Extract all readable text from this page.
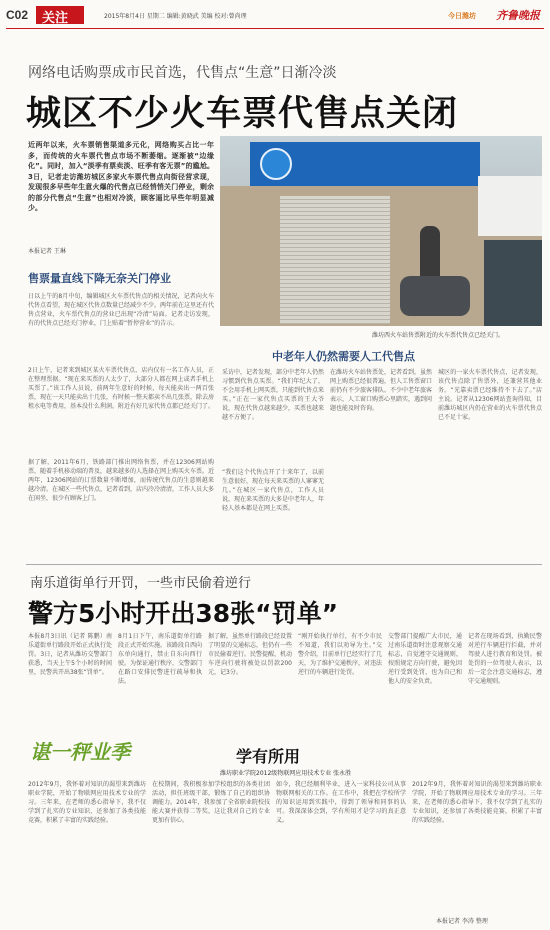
C02 关注	2015年8月4日 星期二 编辑:黄晓武 美编 校对:曾尚理	今日潍坊 齐鲁晚报
网络电话购票成市民首选，代售点“生意”日渐冷淡
城区不少火车票代售点关闭
近两年以来，火车票销售渠道多元化，网络购买占比一年多，而传统的火车票代售点市场不断萎缩。逐渐被“边缘化”。同时，加入“淡季有票卖淡、旺季有客无票”的尴尬。3日，记者走访潍坊城区多家火车票代售点向街径营求现，发现很多早些年生意火爆的代售点已经悄悄关门停业，剩余的部分代售点“生意”也相对冷淡，顾客逼比早些年明显减少。
本报记者 王琳
潍坊西火车站售票附近的火车票代售点已经关门。
售票量直线下降无奈关门停业
日以上午的8月中旬，编辑城区火车票代售点的相关情况，记者向火车代售点看望，现在城区代售点数量已经减少不少。两年前在这里还有代售点营业，火车票代售点的营业已出现“冷清”局面。记者走访发现，有的代售点已经关门停业，门上贴着“暂停营业”的告示。
2日上午，记者来到城区某火车票代售点，店内仅有一名工作人员，正在整理票据。“现在来买票的人太少了，大部分人都在网上或者手机上买票了。”该工作人员说，前两年生意好的时候，每天能卖出一两百张票，现在一天只能卖出十几张，有时候一整天都卖不出几张票，除去房租水电等费用，基本没什么利润。附近有好几家代售点都已经关门了。
据了解，2011年6月，铁路部门推出网络售票，并在12306网站购票，随着手机移动端的普及，越来越多的人选择在网上购买火车票。近两年，12306网站的订票数量不断增加，而传统代售点的生意则越来越冷清。在城区一些代售点，记者看到，店内冷冷清清，工作人员大多在闲坐，很少有顾客上门。
中老年人仍然需要人工代售点
采访中，记者发现，部分中老年人仍然习惯到代售点买票。“我们年纪大了，不会用手机上网买票，只能到代售点来买。”正在一家代售点买票的王大爷说，现在代售点越来越少，买票也越来越不方便了。
“我们这个代售点开了十来年了，以前生意很好，现在每天来买票的人寥寥无几。”在城区一家代售点，工作人员说，现在来买票的大多是中老年人，年轻人基本都是在网上买票。
在潍坊火车站售票处，记者看到，虽然网上购票已经很普遍，但人工售票窗口前仍有不少旅客排队。不少中老年旅客表示，人工窗口购票心里踏实，遇到问题也能及时咨询。
城区的一家火车票代售点，记者发现，该代售点除了售票外，还兼营其他业务。“光靠卖票已经维持不下去了。”店主说。记者从12306网站查询得知，目前潍坊城区内仍在营业的火车票代售点已不足十家。
南乐道街单行开罚，一些市民偷着逆行
警方5小时开出38张“罚单”
本报8月3日讯（记者 陈鹏）南乐道街单行路段开始正式执行处罚。3日，记者从潍坊交警部门获悉，当天上午5个小时的时间里，民警共开出38张“罚单”。
8月1日下午，南乐道街单行路段正式开始实施。该路段自西向东单向通行，禁止自东向西行驶。为保证通行秩序，交警部门在路口安排民警进行疏导和执法。
据了解，虽然单行路段已经设置了明显的交通标志，但仍有一些市民偷着逆行。民警提醒，机动车逆向行驶将被处以罚款200元，记3分。
“刚开始执行单行，有不少市民不知道，我们以劝导为主。”交警介绍，目前单行已经实行了几天，为了维护交通秩序，对违法逆行的车辆进行处罚。
交警部门提醒广大市民，通过南乐道街时注意观察交通标志，自觉遵守交通规则，按照规定方向行驶，避免因逆行受到处罚，也为自己和他人的安全负责。
记者在现场看到，执勤民警对逆行车辆进行拦截，并对驾驶人进行教育和处罚。被处罚的一位驾驶人表示，以后一定会注意交通标志，遵守交通规则。
谌一秤业季	学有所用
潍坊职业学院2012级物联网应用技术专业 张永胜
2012年9月，我怀着对知识的渴望来到潍坊职业学院，开始了物联网应用技术专业的学习。三年来，在老师的悉心指导下，我不仅学到了扎实的专业知识，还参加了各类技能竞赛，积累了丰富的实践经验。
在校期间，我积极参加学校组织的各类社团活动，担任班级干部，锻炼了自己的组织协调能力。2014年，我参加了全省职业院校技能大赛并获得二等奖，这让我对自己的专业更加有信心。
如今，我已经顺利毕业，进入一家科技公司从事物联网相关的工作。在工作中，我把在学校所学的知识运用到实践中，得到了领导和同事的认可。我深深体会到，学有所用才是学习的真正意义。
2012年9月，我怀着对知识的渴望来到潍坊职业学院，开始了物联网应用技术专业的学习。三年来，在老师的悉心指导下，我不仅学到了扎实的专业知识，还参加了各类技能竞赛，积累了丰富的实践经验。
本报记者 李涛 整理
